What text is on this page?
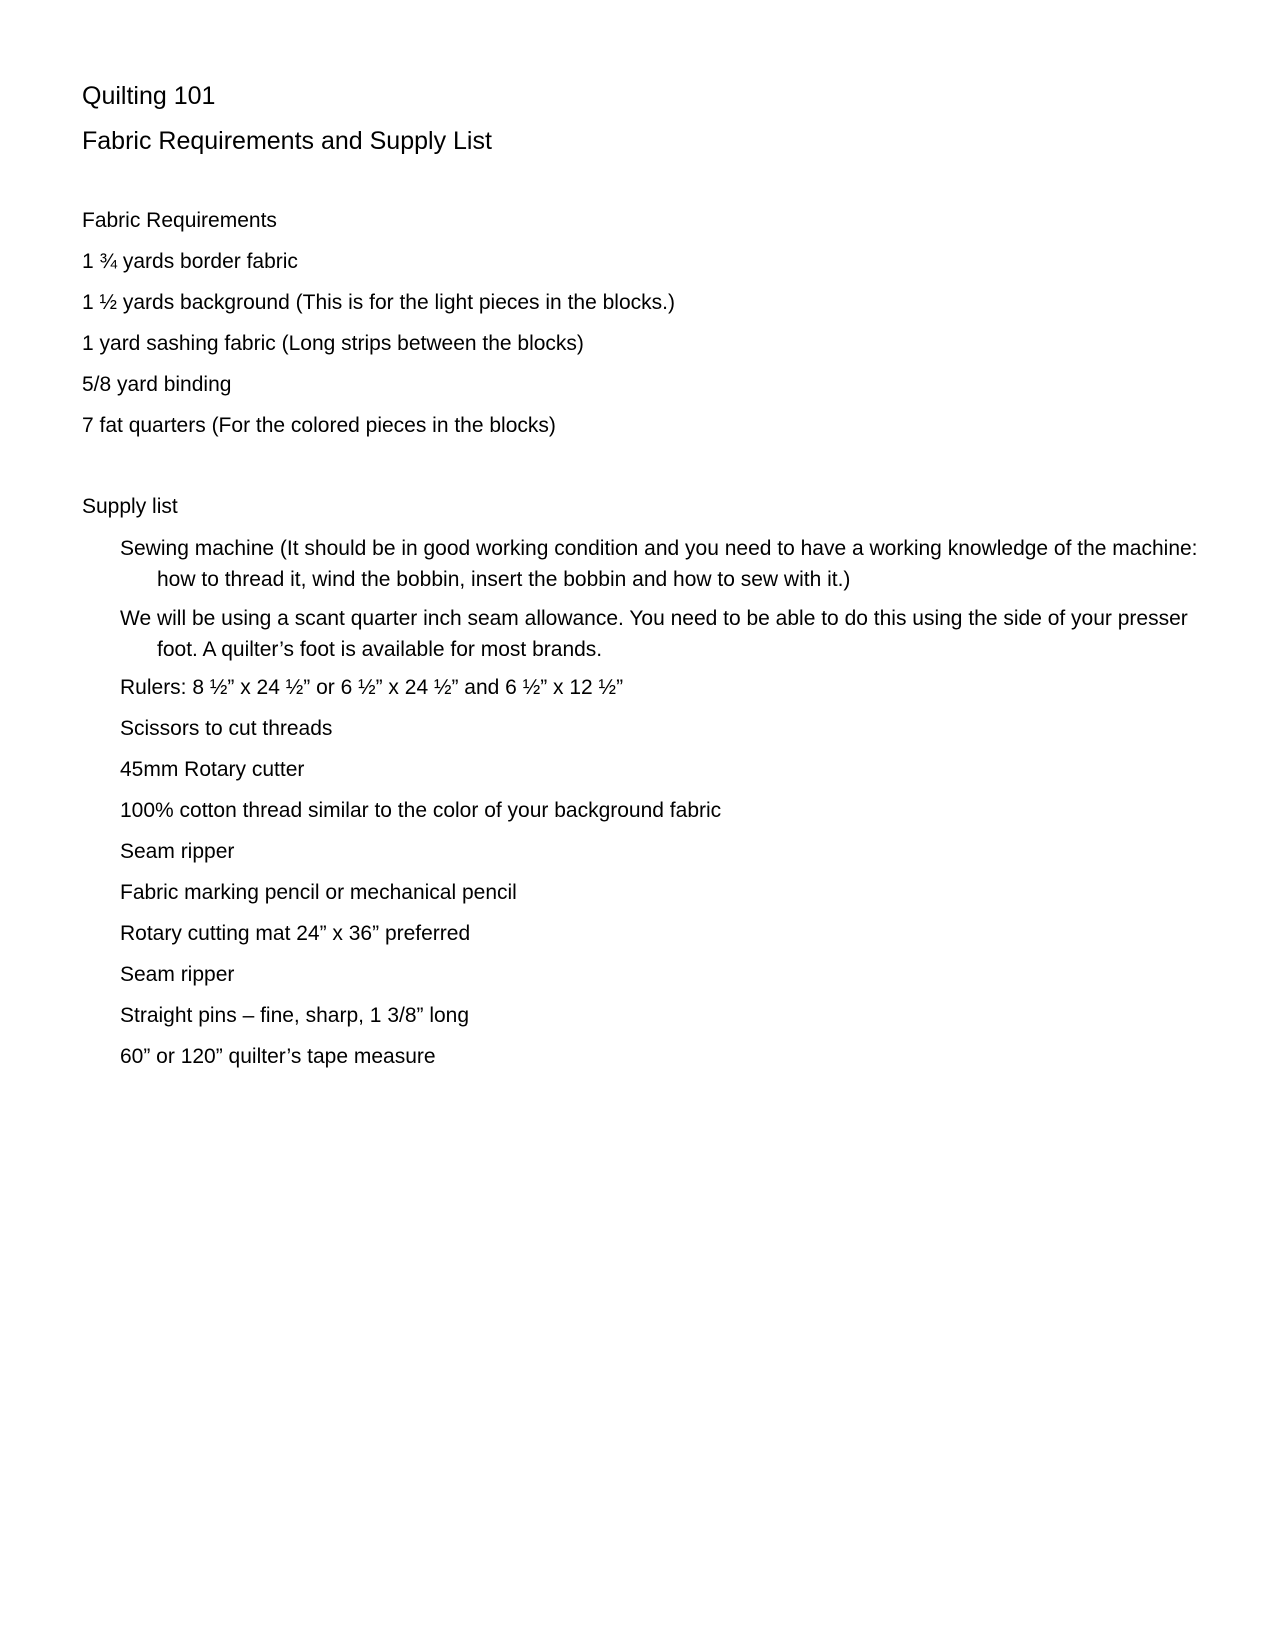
Quilting 101
Fabric Requirements and Supply List
Fabric Requirements
1 ¾ yards border fabric
1 ½ yards background (This is for the light pieces in the blocks.)
1 yard sashing fabric (Long strips between the blocks)
5/8 yard binding
7 fat quarters (For the colored pieces in the blocks)
Supply list
Sewing machine (It should be in good working condition and you need to have a working knowledge of the machine: how to thread it, wind the bobbin, insert the bobbin and how to sew with it.)
We will be using a scant quarter inch seam allowance. You need to be able to do this using the side of your presser foot. A quilter’s foot is available for most brands.
Rulers: 8 ½” x 24 ½” or 6 ½” x 24 ½” and 6 ½” x 12 ½”
Scissors to cut threads
45mm Rotary cutter
100% cotton thread similar to the color of your background fabric
Seam ripper
Fabric marking pencil or mechanical pencil
Rotary cutting mat 24” x 36” preferred
Seam ripper
Straight pins – fine, sharp, 1 3/8” long
60” or 120” quilter’s tape measure
